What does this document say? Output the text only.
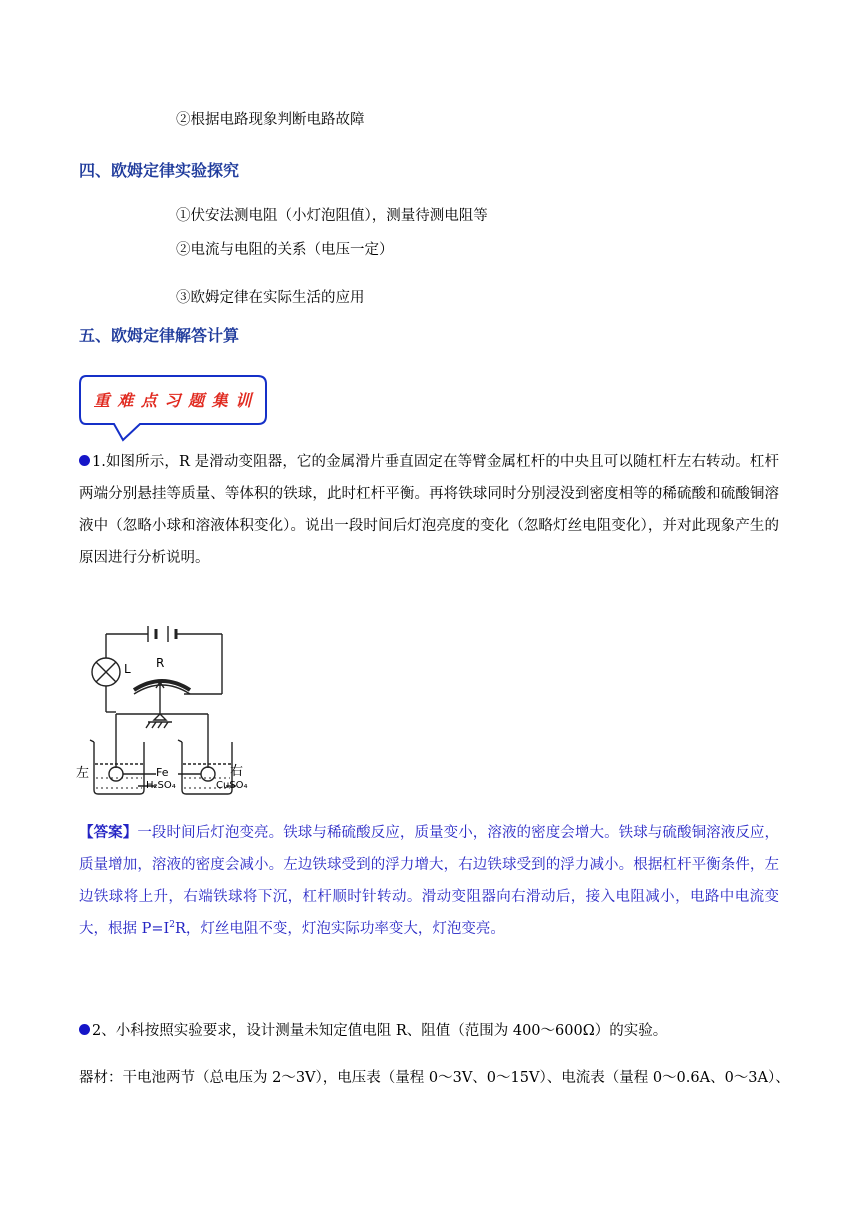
②根据电路现象判断电路故障
四、欧姆定律实验探究
①伏安法测电阻（小灯泡阻值），测量待测电阻等
②电流与电阻的关系（电压一定）
③欧姆定律在实际生活的应用
五、欧姆定律解答计算
重 难 点 习 题 集 训
1.如图所示，R 是滑动变阻器，它的金属滑片垂直固定在等臂金属杠杆的中央且可以随杠杆左右转动。杠杆两端分别悬挂等质量、等体积的铁球，此时杠杆平衡。再将铁球同时分别浸没到密度相等的稀硫酸和硫酸铜溶液中（忽略小球和溶液体积变化）。说出一段时间后灯泡亮度的变化（忽略灯丝电阻变化），并对此现象产生的原因进行分析说明。
L R
左	右
Fe
H₂SO₄	CuSO₄
【答案】一段时间后灯泡变亮。铁球与稀硫酸反应，质量变小，溶液的密度会增大。铁球与硫酸铜溶液反应，质量增加，溶液的密度会减小。左边铁球受到的浮力增大，右边铁球受到的浮力减小。根据杠杆平衡条件，左边铁球将上升，右端铁球将下沉，杠杆顺时针转动。滑动变阻器向右滑动后，接入电阻减小，电路中电流变大，根据 $P=I^2R$，灯丝电阻不变，灯泡实际功率变大，灯泡变亮。
2、小科按照实验要求，设计测量未知定值电阻 R、阻值（范围为 400～600Ω）的实验。
器材：干电池两节（总电压为 2～3V），电压表（量程 0～3V、0～15V）、电流表（量程 0～0.6A、0～3A）、
